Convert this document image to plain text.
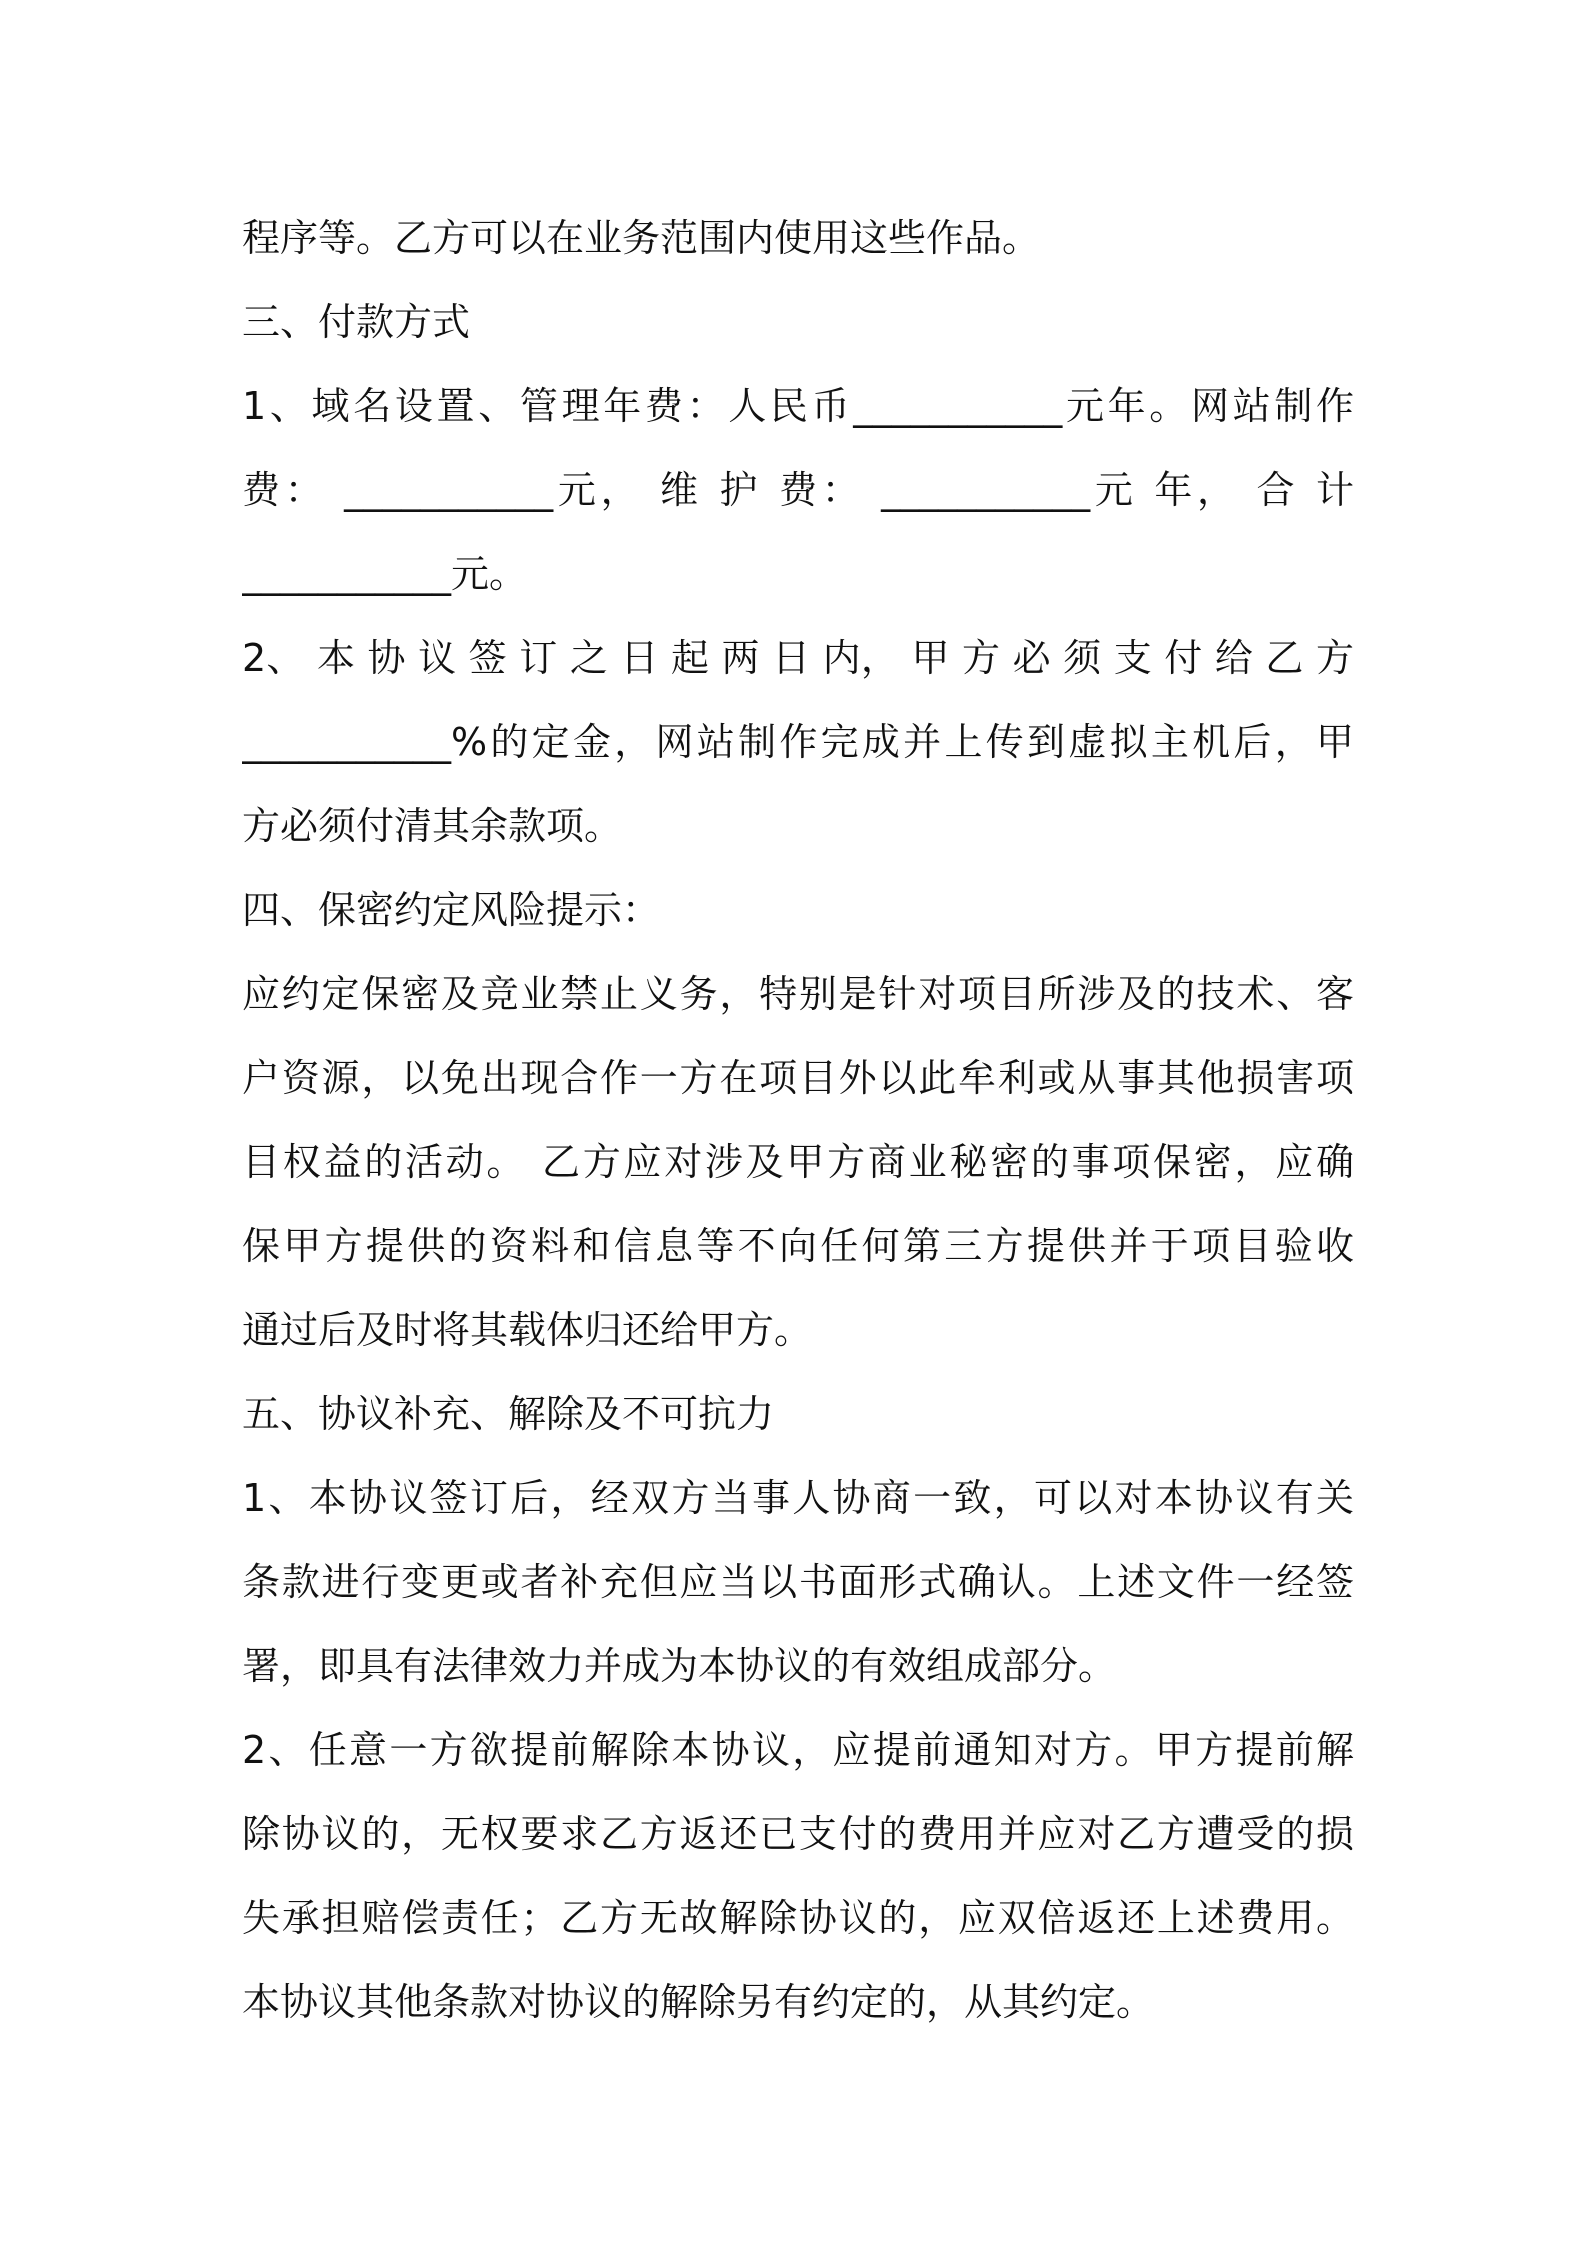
程序等。乙方可以在业务范围内使用这些作品。
三、付款方式
1、域名设置、管理年费：人民币___________元年。网站制作
费： ___________元， 维 护 费： ___________元 年， 合 计
___________元。
2、 本 协 议 签 订 之 日 起 两 日 内， 甲 方 必 须 支 付 给 乙 方
___________%的定金，网站制作完成并上传到虚拟主机后，甲
方必须付清其余款项。
四、保密约定风险提示：
应约定保密及竞业禁止义务，特别是针对项目所涉及的技术、客
户资源，以免出现合作一方在项目外以此牟利或从事其他损害项
目权益的活动。 乙方应对涉及甲方商业秘密的事项保密，应确
保甲方提供的资料和信息等不向任何第三方提供并于项目验收
通过后及时将其载体归还给甲方。
五、协议补充、解除及不可抗力
1、本协议签订后，经双方当事人协商一致，可以对本协议有关
条款进行变更或者补充但应当以书面形式确认。上述文件一经签
署，即具有法律效力并成为本协议的有效组成部分。
2、任意一方欲提前解除本协议，应提前通知对方。甲方提前解
除协议的，无权要求乙方返还已支付的费用并应对乙方遭受的损
失承担赔偿责任；乙方无故解除协议的，应双倍返还上述费用。
本协议其他条款对协议的解除另有约定的，从其约定。
